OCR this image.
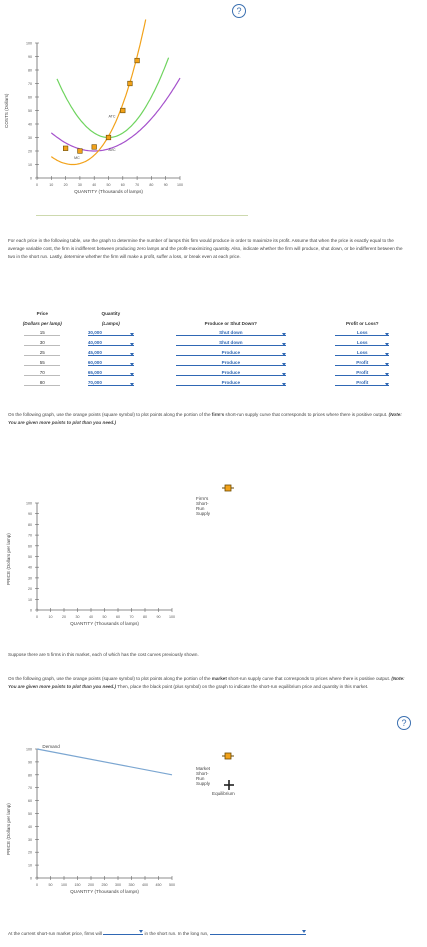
?
100
90
80
70
60
50
40
30
20
10
0
0	10	20	30	40	50	60	70	80	90	100
QUANTITY (Thousands of lamps)
ATC
AVC
MC
COSTS (Dollars)
For each price in the following table, use the graph to determine the number of lamps this firm would produce in order to maximize its profit. Assume that when the price is exactly equal to the average variable cost, the firm is indifferent between producing zero lamps and the profit-maximizing quantity. Also, indicate whether the firm will produce, shut down, or be indifferent between the two in the short run. Lastly, determine whether the firm will make a profit, suffer a loss, or break even at each price.
Price	Quantity		
(Dollars per lamp)	(Lamps)	Produce or Shut Down?	Profit or Loss?
15	30,000	Shut down	Loss

30	40,000	Shut down	Loss

25	45,000	Produce	Loss

55	60,000	Produce	Profit

70	65,000	Produce	Profit

80	70,000	Produce	Profit
On the following graph, use the orange points (square symbol) to plot points along the portion of the firm's short-run supply curve that corresponds to prices where there is positive output. (Note: You are given more points to plot than you need.)
100
90
80
70
60
50
40
30
20
10
0
0	10	20	30	40	50	60	70	80	90 100
QUANTITY (Thousands of lamps)
PRICE (Dollars per lamp)
Firm's Short-Run Supply
Suppose there are 5 firms in this market, each of which has the cost curves previously shown.
On the following graph, use the orange points (square symbol) to plot points along the portion of the market short-run supply curve that corresponds to prices where there is positive output. (Note: You are given more points to plot than you need.) Then, place the black point (plus symbol) on the graph to indicate the short-run equilibrium price and quantity in this market.
?
100
90
80
70
60
50
40
30
20
10
0
0	50 100 150 200 250 300 350 400 450 500
QUANTITY (Thousands of lamps)
Demand
PRICE (Dollars per lamp)
Market Short-Run Supply
Equilibrium
At the current short-run market price, firms will	in the short run. In the long run,
